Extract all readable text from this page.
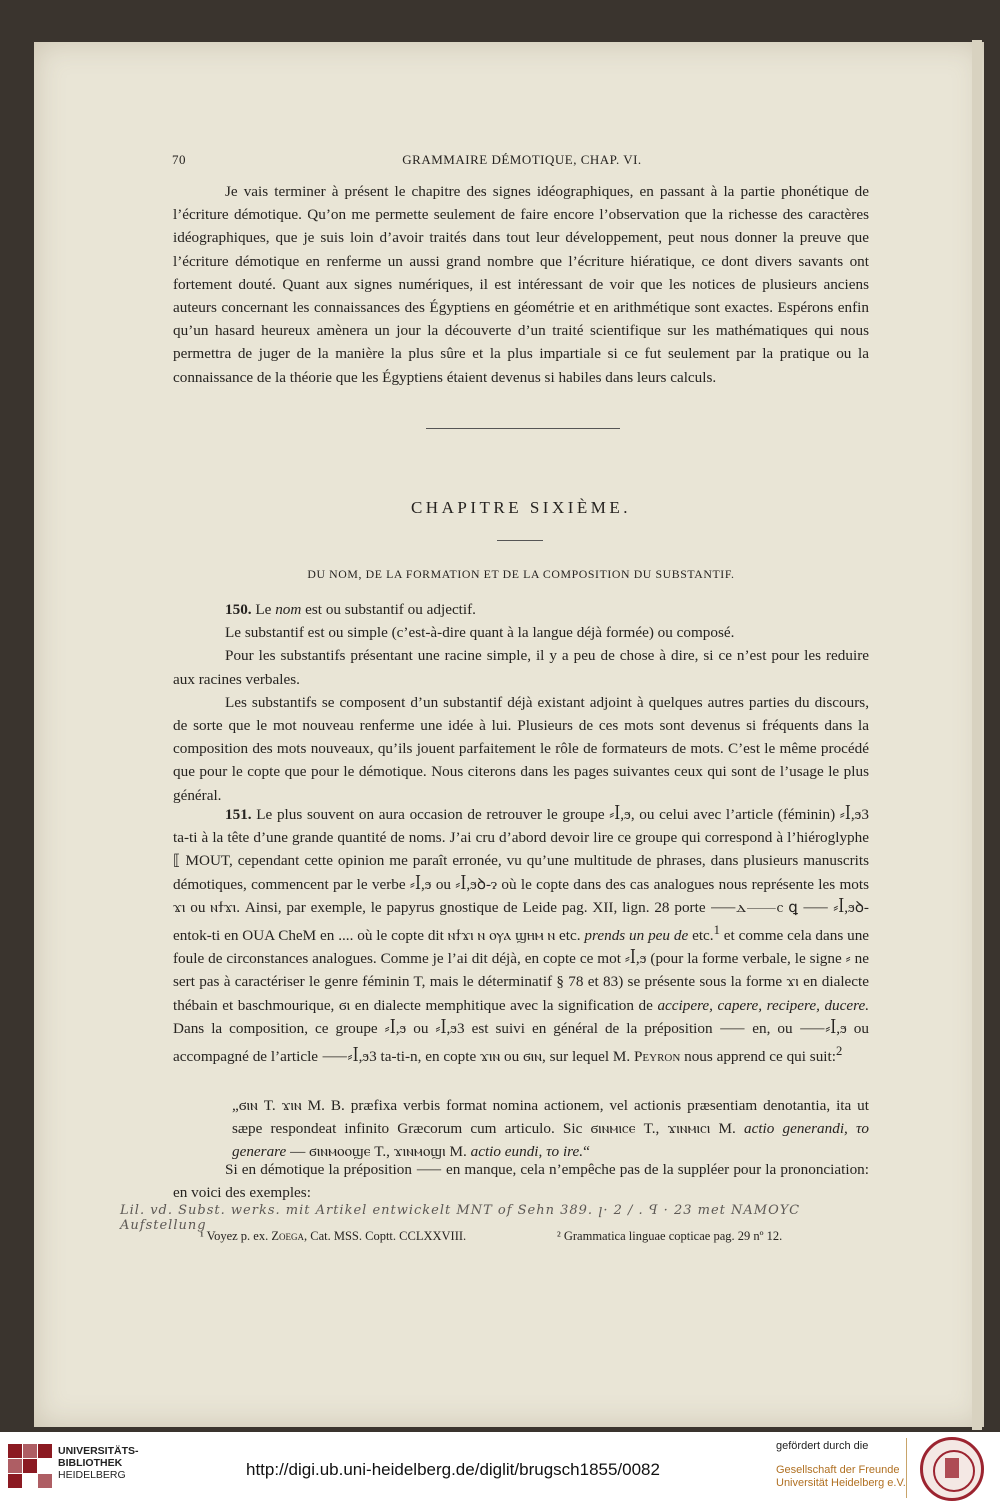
70	GRAMMAIRE DÉMOTIQUE, CHAP. VI.

Je vais terminer à présent le chapitre des signes idéographiques, en passant à la partie phonétique de l’écriture démotique. Qu’on me permette seulement de faire encore l’observation que la richesse des caractères idéographiques, que je suis loin d’avoir traités dans tout leur développement, peut nous donner la preuve que l’écriture démotique en renferme un aussi grand nombre que l’écriture hiératique, ce dont divers savants ont fortement douté. Quant aux signes numériques, il est intéressant de voir que les notices de plusieurs anciens auteurs concernant les connaissances des Égyptiens en géométrie et en arithmétique sont exactes. Espérons enfin qu’un hasard heureux amènera un jour la découverte d’un traité scientifique sur les mathématiques qui nous permettra de juger de la manière la plus sûre et la plus impartiale si ce fut seulement par la pratique ou la connaissance de la théorie que les Égyptiens étaient devenus si habiles dans leurs calculs.

CHAPITRE SIXIÈME.
DU NOM, DE LA FORMATION ET DE LA COMPOSITION DU SUBSTANTIF.

150. Le nom est ou substantif ou adjectif.

Le substantif est ou simple (c’est-à-dire quant à la langue déjà formée) ou composé.

Pour les substantifs présentant une racine simple, il y a peu de chose à dire, si ce n’est pour les reduire aux racines verbales.

Les substantifs se composent d’un substantif déjà existant adjoint à quelques autres parties du discours, de sorte que le mot nouveau renferme une idée à lui. Plusieurs de ces mots sont devenus si fréquents dans la composition des mots nouveaux, qu’ils jouent parfaitement le rôle de formateurs de mots. C’est le même procédé que pour le copte que pour le démotique. Nous citerons dans les pages suivantes ceux qui sont de l’usage le plus général.

151. Le plus souvent on aura occasion de retrouver le groupe ⸗ꟾ,ϧ, ou celui avec l’article (féminin) ⸗ꟾ,ϧ3 ta-ti à la tête d’une grande quantité de noms. J’ai cru d’abord devoir lire ce groupe qui correspond à l’hiéroglyphe ⟦ MOUT, cependant cette opinion me paraît erronée, vu qu’une multitude de phrases, dans plusieurs manuscrits démotiques, commencent par le verbe ⸗ꟾ,ϧ ou ⸗ꟾ,ϧꝺ-ɂ où le copte dans des cas analogues nous représente les mots ϫⲓ ou ⲛϯϫⲓ. Ainsi, par exemple, le papyrus gnostique de Leide pag. XII, lign. 28 porte ⸺ⲇ⸺ⲥ ꝗ ⸺ ⸗ꟾ,ϧꝺ- entok-ti en OUA CheM en .... où le copte dit ⲛϯϫⲓ ⲛ ⲟⲩⲁ ϣⲏⲙ ⲛ etc. prends un peu de etc.$^1$ et comme cela dans une foule de circonstances analogues. Comme je l’ai dit déjà, en copte ce mot ⸗ꟾ,ϧ (pour la forme verbale, le signe ⸗ ne sert pas à caractériser le genre féminin T, mais le déterminatif § 78 et 83) se présente sous la forme ϫⲓ en dialecte thébain et baschmourique, ϭⲓ en dialecte memphitique avec la signification de accipere, capere, recipere, ducere. Dans la composition, ce groupe ⸗ꟾ,ϧ ou ⸗ꟾ,ϧ3 est suivi en général de la préposition ⸺ en, ou ⸺⸗ꟾ,ϧ ou accompagné de l’article ⸺⸗ꟾ,ϧ3 ta-ti-n, en copte ϫⲓⲛ ou ϭⲓⲛ, sur lequel M. Peyron nous apprend ce qui suit:$^2$

„ϭⲓⲛ T. ϫⲓⲛ M. B. præfixa verbis format nomina actionem, vel actionis præsentiam denotantia, ita ut sæpe respondeat infinito Græcorum cum articulo. Sic ϭⲓⲛⲙⲓⲥⲉ T., ϫⲓⲛⲙⲓⲥⲓ M. actio generandi, το generare — ϭⲓⲛⲙⲟⲟϣⲉ T., ϫⲓⲛⲙⲟϣⲓ M. actio eundi, το ire.“

Si en démotique la préposition ⸺ en manque, cela n’empêche pas de la suppléer pour la prononciation: en voici des exemples:

Lil. vd. Subst. werks. mit Artikel entwickelt MNT of Sehn 389. ꞁ· 2 / . ꟼ · 23 met NAMOYC Aufstellung
¹ Voyez p. ex. Zoega, Cat. MSS. Coptt. CCLXXVIII.	² Grammatica linguae copticae pag. 29 nº 12.
UNIVERSITÄTS-
BIBLIOTHEK
HEIDELBERG	http://digi.ub.uni-heidelberg.de/diglit/brugsch1855/0082
gefördert durch die
Gesellschaft der Freunde
Universität Heidelberg e.V.
